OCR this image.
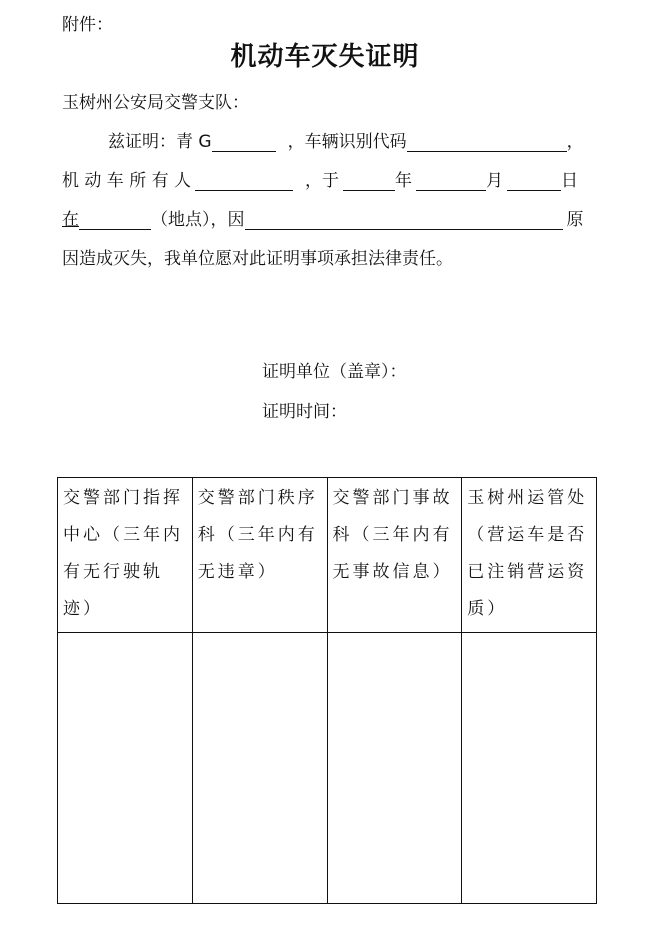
附件：
机动车灭失证明
玉树州公安局交警支队：
兹证明：青 G	，车辆识别代码	，
机 动 车 所 有 人	，于	年	月	日
在	（地点），因	原
因造成灭失，我单位愿对此证明事项承担法律责任。
证明单位（盖章）：
证明时间：
交警部门指挥中心（三年内有无行驶轨迹）	交警部门秩序科（三年内有无违章）	交警部门事故科（三年内有无事故信息）	玉树州运管处（营运车是否已注销营运资质）
